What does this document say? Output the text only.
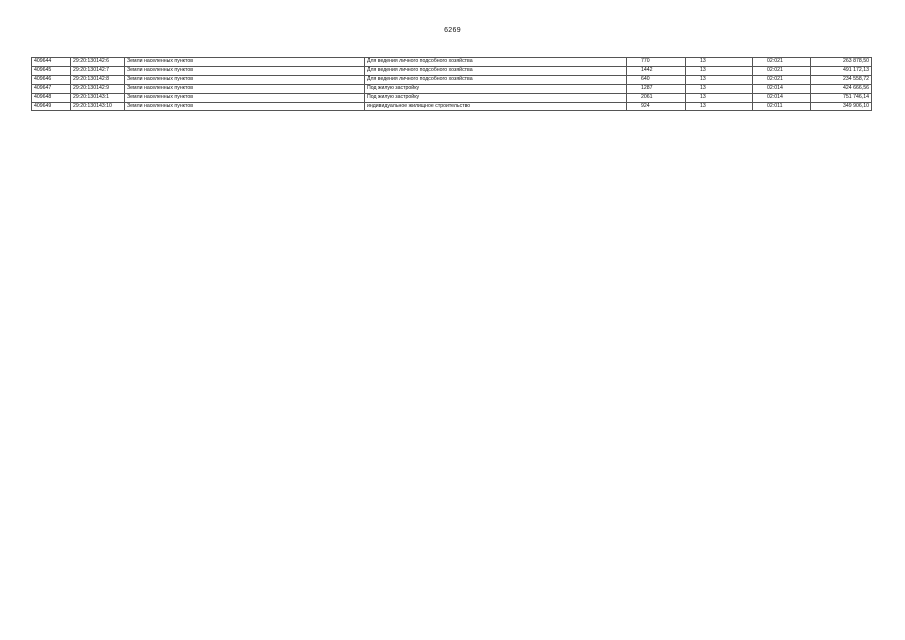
6269
409644	29:20:130142:6	Земли населенных пунктов	Для ведения личного подсобного хозяйства	770	13	02:021	263 878,50
409645	29:20:130142:7	Земли населенных пунктов	Для ведения личного подсобного хозяйства	1442	13	02:021	491 172,13
409646	29:20:130142:8	Земли населенных пунктов	Для ведения личного подсобного хозяйства	640	13	02:021	234 558,72
409647	29:20:130142:9	Земли населенных пунктов	Под жилую застройку	1287	13	02:014	424 666,56
409648	29:20:130143:1	Земли населенных пунктов	Под жилую застройку	2061	13	02:014	751 746,14
409649	29:20:130143:10	Земли населенных пунктов	индивидуальное жилищное строительство	924	13	02:011	349 906,10
